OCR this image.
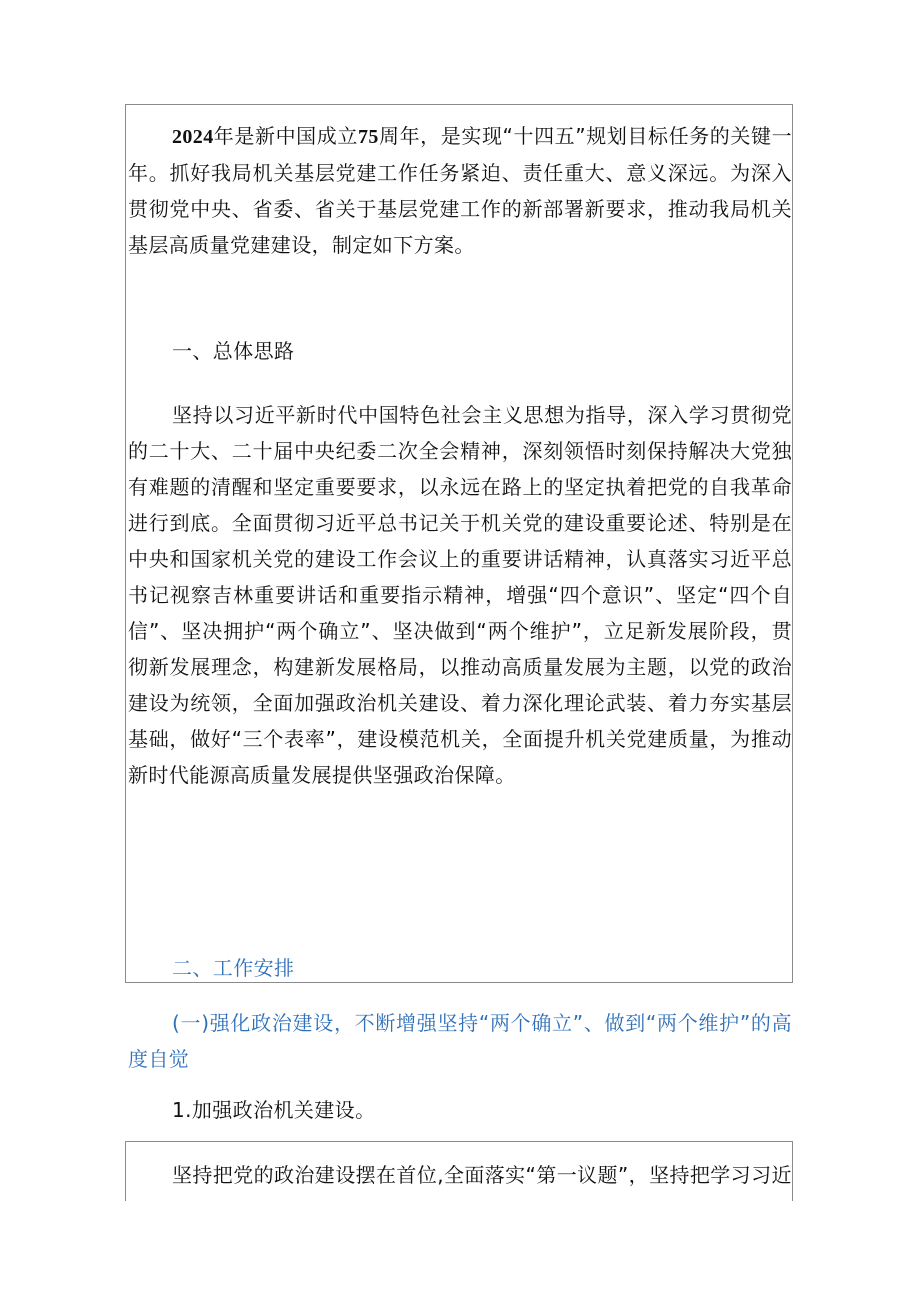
2024年是新中国成立75周年，是实现“十四五”规划目标任务的关键一年。抓好我局机关基层党建工作任务紧迫、责任重大、意义深远。为深入贯彻党中央、省委、省关于基层党建工作的新部署新要求，推动我局机关基层高质量党建建设，制定如下方案。

一、总体思路

坚持以习近平新时代中国特色社会主义思想为指导，深入学习贯彻党的二十大、二十届中央纪委二次全会精神，深刻领悟时刻保持解决大党独有难题的清醒和坚定重要要求，以永远在路上的坚定执着把党的自我革命进行到底。全面贯彻习近平总书记关于机关党的建设重要论述、特别是在中央和国家机关党的建设工作会议上的重要讲话精神，认真落实习近平总书记视察吉林重要讲话和重要指示精神，增强“四个意识”、坚定“四个自信”、坚决拥护“两个确立”、坚决做到“两个维护”，立足新发展阶段，贯彻新发展理念，构建新发展格局，以推动高质量发展为主题，以党的政治建设为统领，全面加强政治机关建设、着力深化理论武装、着力夯实基层基础，做好“三个表率”，建设模范机关，全面提升机关党建质量，为推动新时代能源高质量发展提供坚强政治保障。

二、工作安排

(一)强化政治建设，不断增强坚持“两个确立”、做到“两个维护”的高度自觉

1.加强政治机关建设。

坚持把党的政治建设摆在首位,全面落实“第一议题”，坚持把学习习近
